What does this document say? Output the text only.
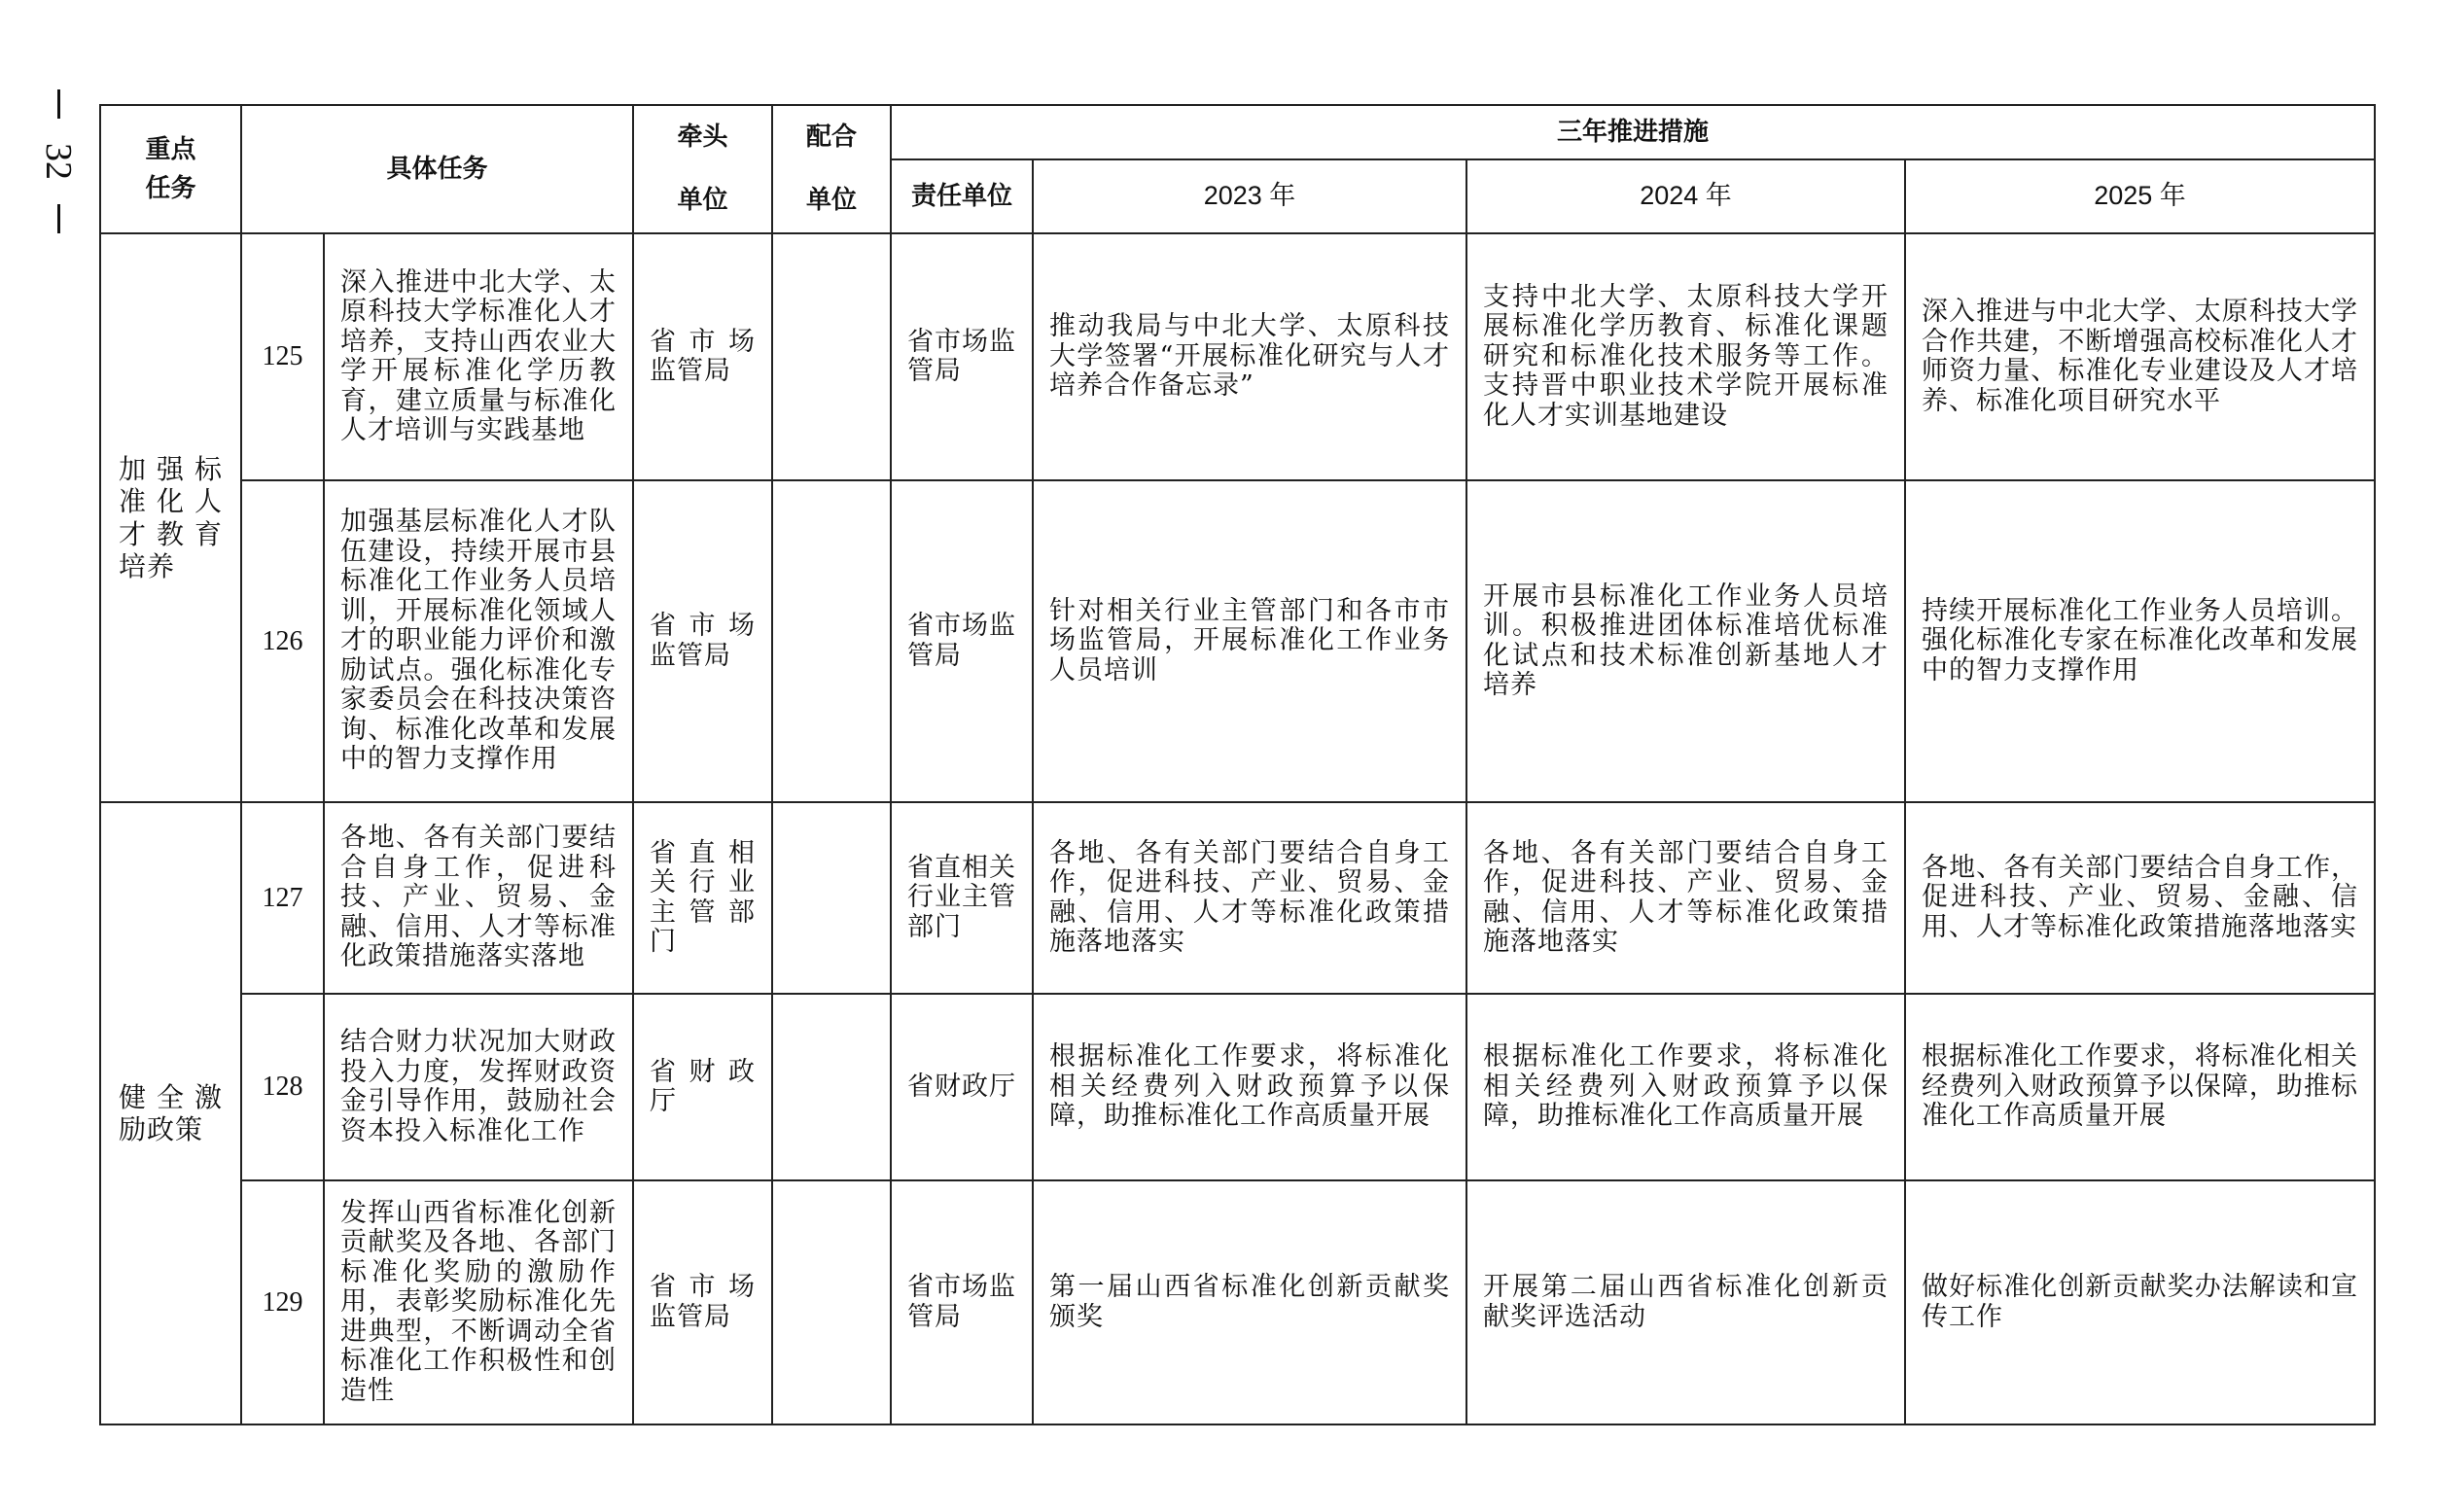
32	重点任务	具体任务		牵头单位	配合单位	三年推进措施			
					责任单位	2023 年	2024 年	2025 年

加强标准化人才教育培养	125	深入推进中北大学、太原科技大学标准化人才培养，支持山西农业大学开展标准化学历教育，建立质量与标准化人才培训与实践基地	省市场监管局		省市场监管局	推动我局与中北大学、太原科技大学签署“开展标准化研究与人才培养合作备忘录”	支持中北大学、太原科技大学开展标准化学历教育、标准化课题研究和标准化技术服务等工作。支持晋中职业技术学院开展标准化人才实训基地建设	深入推进与中北大学、太原科技大学合作共建，不断增强高校标准化人才师资力量、标准化专业建设及人才培养、标准化项目研究水平

	126	加强基层标准化人才队伍建设，持续开展市县标准化工作业务人员培训，开展标准化领域人才的职业能力评价和激励试点。强化标准化专家委员会在科技决策咨询、标准化改革和发展中的智力支撑作用	省市场监管局		省市场监管局	针对相关行业主管部门和各市市场监管局，开展标准化工作业务人员培训	开展市县标准化工作业务人员培训。积极推进团体标准培优标准化试点和技术标准创新基地人才培养	持续开展标准化工作业务人员培训。强化标准化专家在标准化改革和发展中的智力支撑作用

健全激励政策	127	各地、各有关部门要结合自身工作，促进科技、产业、贸易、金融、信用、人才等标准化政策措施落实落地	省直相关行业主管部门		省直相关行业主管部门	各地、各有关部门要结合自身工作，促进科技、产业、贸易、金融、信用、人才等标准化政策措施落地落实	各地、各有关部门要结合自身工作，促进科技、产业、贸易、金融、信用、人才等标准化政策措施落地落实	各地、各有关部门要结合自身工作，促进科技、产业、贸易、金融、信用、人才等标准化政策措施落地落实

	128	结合财力状况加大财政投入力度，发挥财政资金引导作用，鼓励社会资本投入标准化工作	省财政厅		省财政厅	根据标准化工作要求，将标准化相关经费列入财政预算予以保障，助推标准化工作高质量开展	根据标准化工作要求，将标准化相关经费列入财政预算予以保障，助推标准化工作高质量开展	根据标准化工作要求，将标准化相关经费列入财政预算予以保障，助推标准化工作高质量开展

	129	发挥山西省标准化创新贡献奖及各地、各部门标准化奖励的激励作用，表彰奖励标准化先进典型，不断调动全省标准化工作积极性和创造性	省市场监管局		省市场监管局	第一届山西省标准化创新贡献奖颁奖	开展第二届山西省标准化创新贡献奖评选活动	做好标准化创新贡献奖办法解读和宣传工作
